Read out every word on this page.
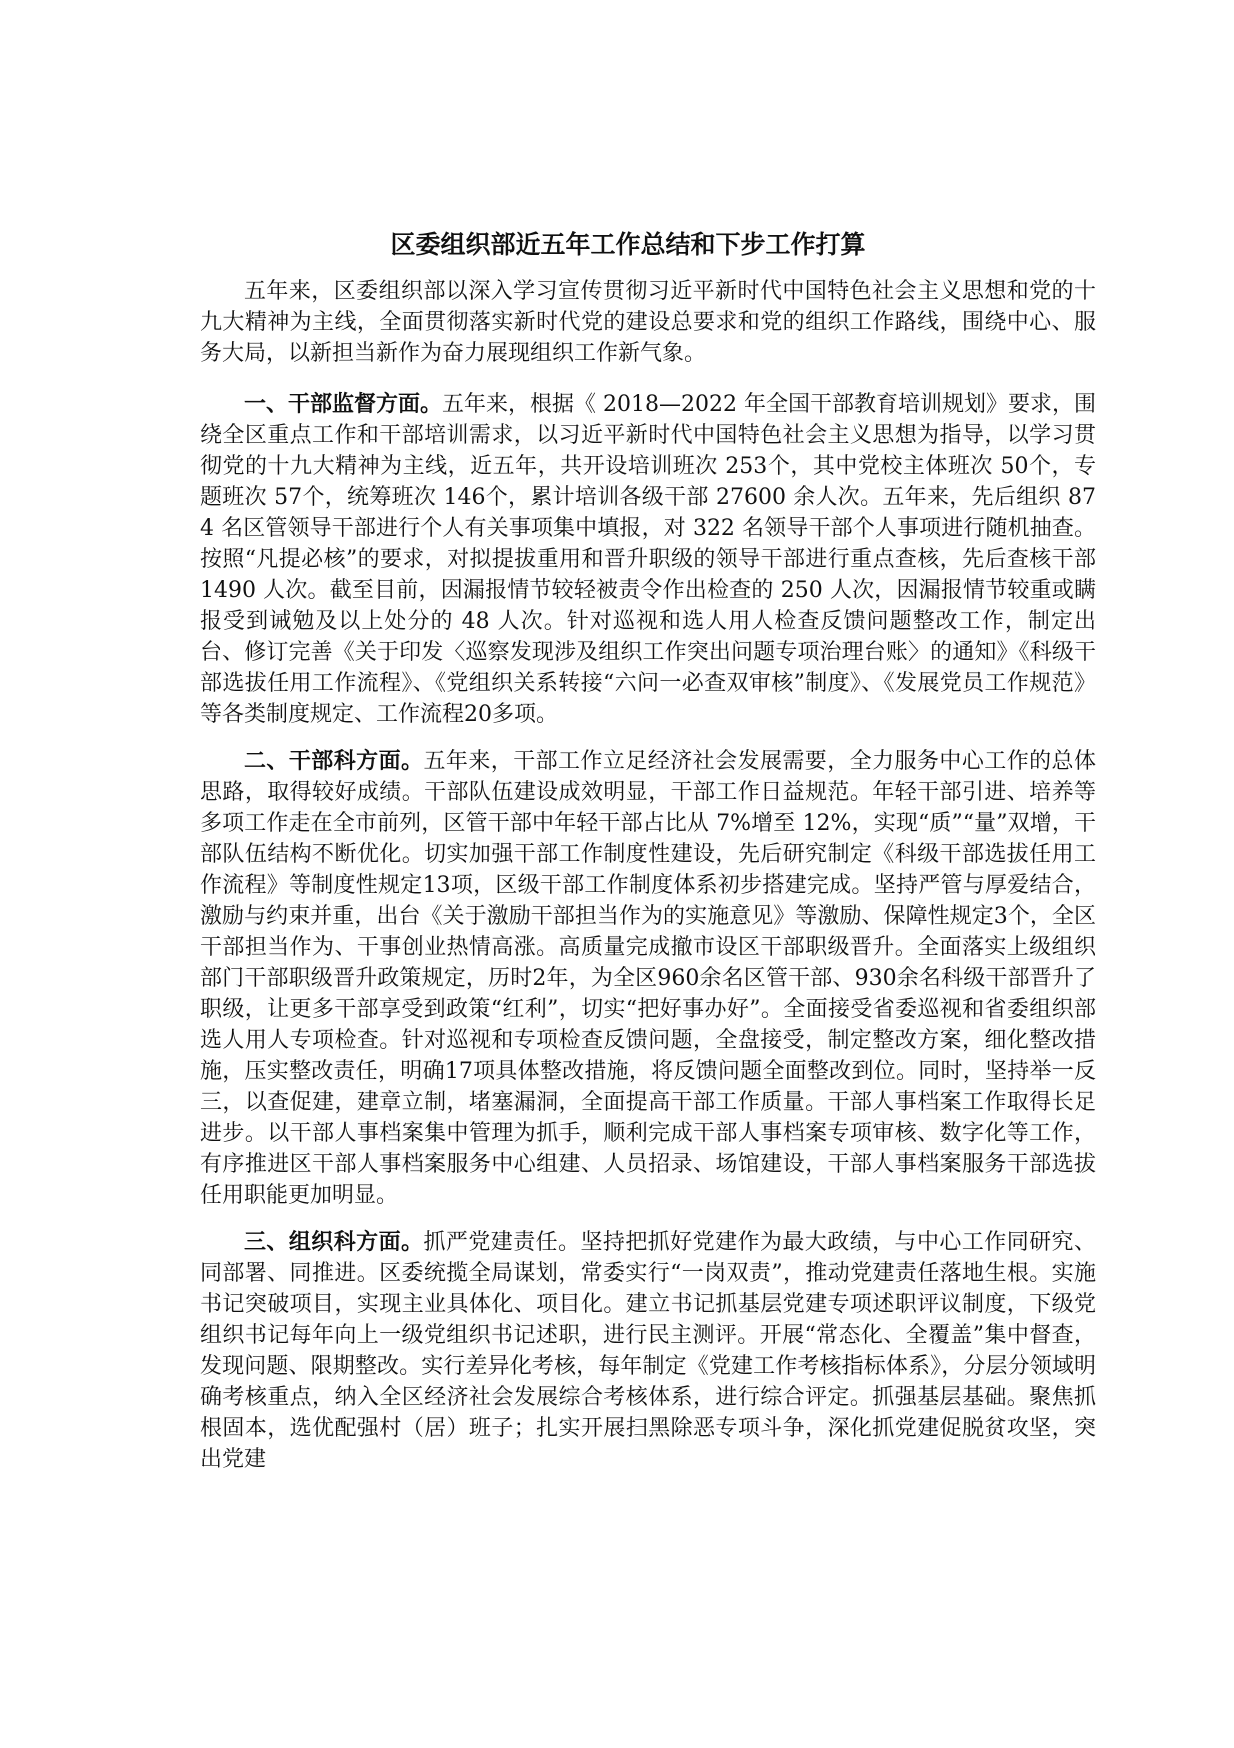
区委组织部近五年工作总结和下步工作打算

五年来，区委组织部以深入学习宣传贯彻习近平新时代中国特色社会主义思想和党的十九大精神为主线，全面贯彻落实新时代党的建设总要求和党的组织工作路线，围绕中心、服务大局，以新担当新作为奋力展现组织工作新气象。

一、干部监督方面。五年来，根据《 2018—2022 年全国干部教育培训规划》要求，围绕全区重点工作和干部培训需求，以习近平新时代中国特色社会主义思想为指导，以学习贯彻党的十九大精神为主线，近五年，共开设培训班次 253个，其中党校主体班次 50个，专题班次 57个，统筹班次 146个，累计培训各级干部 27600 余人次。五年来，先后组织 874 名区管领导干部进行个人有关事项集中填报，对 322 名领导干部个人事项进行随机抽查。按照“凡提必核”的要求，对拟提拔重用和晋升职级的领导干部进行重点查核，先后查核干部 1490 人次。截至目前，因漏报情节较轻被责令作出检查的 250 人次，因漏报情节较重或瞒报受到诫勉及以上处分的 48 人次。针对巡视和选人用人检查反馈问题整改工作，制定出台、修订完善《关于印发〈巡察发现涉及组织工作突出问题专项治理台账〉的通知》《科级干部选拔任用工作流程》、《党组织关系转接“六问一必查双审核”制度》、《发展党员工作规范》等各类制度规定、工作流程20多项。

二、干部科方面。五年来，干部工作立足经济社会发展需要，全力服务中心工作的总体思路，取得较好成绩。干部队伍建设成效明显，干部工作日益规范。年轻干部引进、培养等多项工作走在全市前列，区管干部中年轻干部占比从 7%增至 12%，实现“质”“量”双增，干部队伍结构不断优化。切实加强干部工作制度性建设，先后研究制定《科级干部选拔任用工作流程》等制度性规定13项，区级干部工作制度体系初步搭建完成。坚持严管与厚爱结合，激励与约束并重，出台《关于激励干部担当作为的实施意见》等激励、保障性规定3个，全区干部担当作为、干事创业热情高涨。高质量完成撤市设区干部职级晋升。全面落实上级组织部门干部职级晋升政策规定，历时2年，为全区960余名区管干部、930余名科级干部晋升了职级，让更多干部享受到政策“红利”，切实“把好事办好”。全面接受省委巡视和省委组织部选人用人专项检查。针对巡视和专项检查反馈问题，全盘接受，制定整改方案，细化整改措施，压实整改责任，明确17项具体整改措施，将反馈问题全面整改到位。同时，坚持举一反三，以查促建，建章立制，堵塞漏洞，全面提高干部工作质量。干部人事档案工作取得长足进步。以干部人事档案集中管理为抓手，顺利完成干部人事档案专项审核、数字化等工作，有序推进区干部人事档案服务中心组建、人员招录、场馆建设，干部人事档案服务干部选拔任用职能更加明显。

三、组织科方面。抓严党建责任。坚持把抓好党建作为最大政绩，与中心工作同研究、同部署、同推进。区委统揽全局谋划，常委实行“一岗双责”，推动党建责任落地生根。实施书记突破项目，实现主业具体化、项目化。建立书记抓基层党建专项述职评议制度，下级党组织书记每年向上一级党组织书记述职，进行民主测评。开展“常态化、全覆盖”集中督查，发现问题、限期整改。实行差异化考核，每年制定《党建工作考核指标体系》，分层分领域明确考核重点，纳入全区经济社会发展综合考核体系，进行综合评定。抓强基层基础。聚焦抓根固本，选优配强村（居）班子；扎实开展扫黑除恶专项斗争，深化抓党建促脱贫攻坚，突出党建
